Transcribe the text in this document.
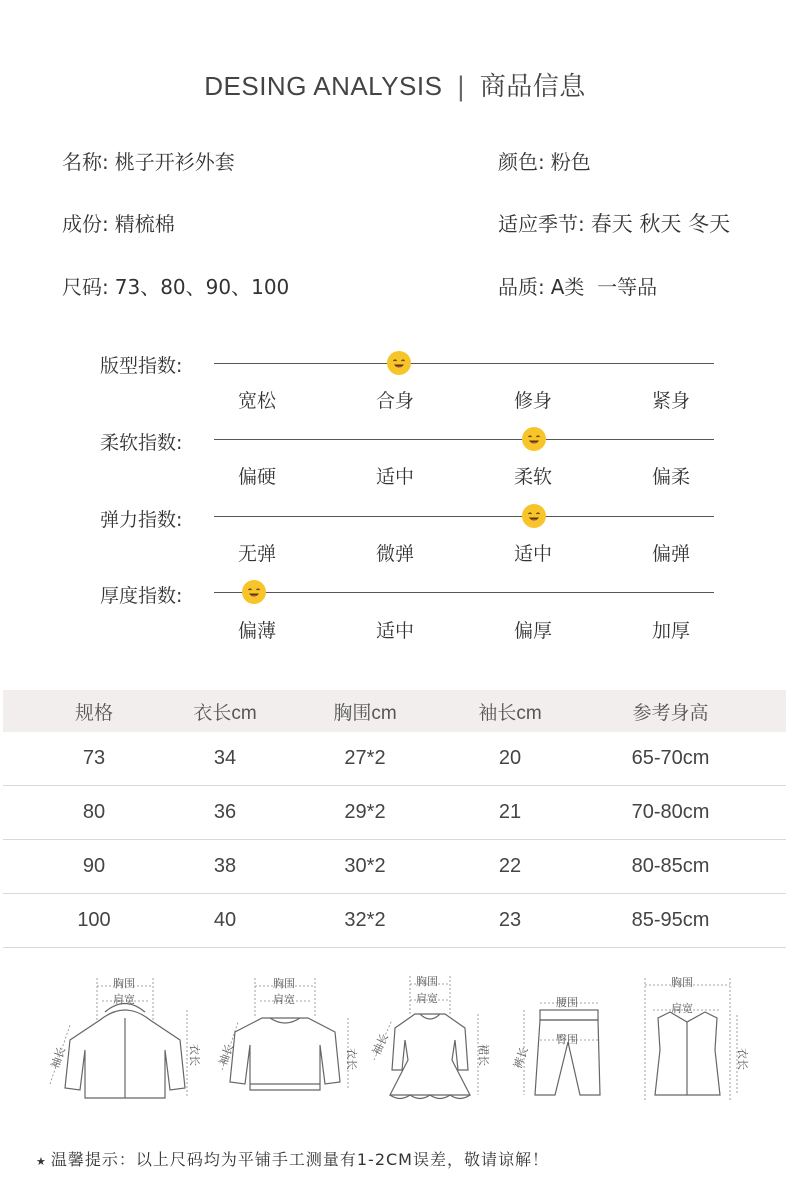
DESING ANALYSIS | 商品信息
名称: 桃子开衫外套	颜色: 粉色
成份: 精梳棉	适应季节: 春天 秋天 冬天
尺码: 73、80、90、100	品质: A类  一等品
版型指数:
宽松	合身	修身	紧身
柔软指数:
偏硬	适中	柔软	偏柔
弹力指数:
无弹	微弹	适中	偏弹
厚度指数:
偏薄	适中	偏厚	加厚
规格	衣长cm	胸围cm	袖长cm	参考身高
73	34	27*2	20	65-70cm
80	36	29*2	21	70-80cm
90	38	30*2	22	80-85cm
100	40	32*2	23	85-95cm
胸围
肩宽
衣长
袖长
胸围
肩宽
衣长
袖长
胸围
肩宽
裙长
袖长
腰围
臀围
裤长
胸围
肩宽
衣长
★ 温馨提示：以上尺码均为平铺手工测量有1-2CM误差，敬请谅解！
